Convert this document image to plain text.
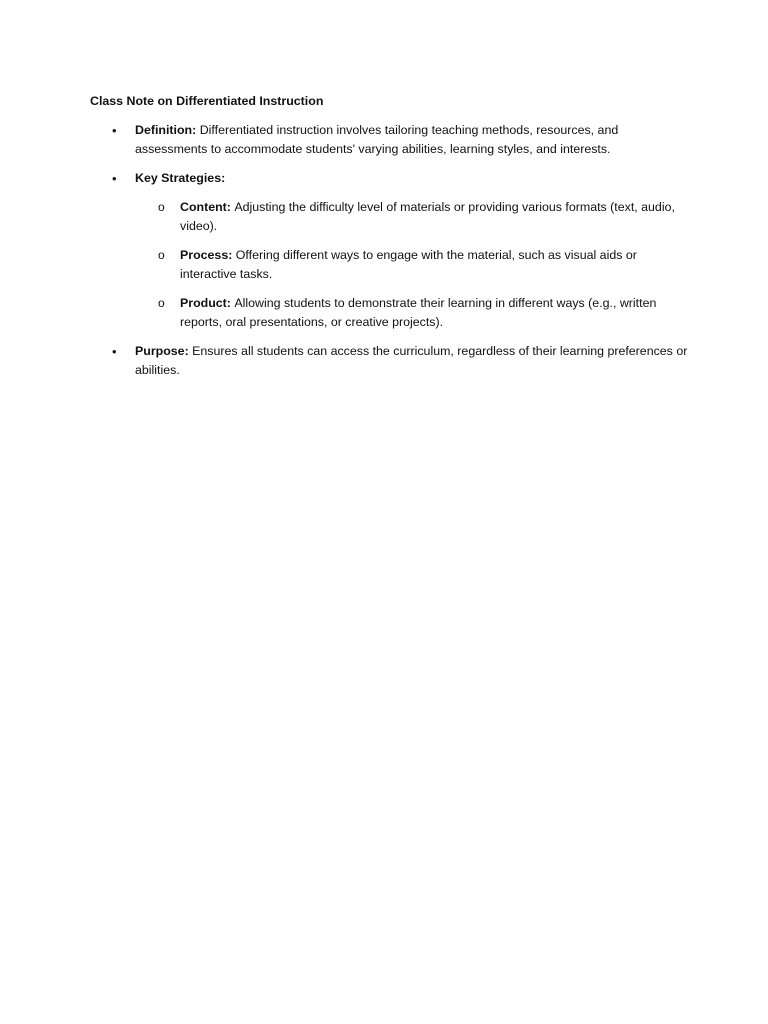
Class Note on Differentiated Instruction
• Definition: Differentiated instruction involves tailoring teaching methods, resources, and assessments to accommodate students' varying abilities, learning styles, and interests.
• Key Strategies:
o Content: Adjusting the difficulty level of materials or providing various formats (text, audio, video).
o Process: Offering different ways to engage with the material, such as visual aids or interactive tasks.
o Product: Allowing students to demonstrate their learning in different ways (e.g., written reports, oral presentations, or creative projects).
• Purpose: Ensures all students can access the curriculum, regardless of their learning preferences or abilities.
